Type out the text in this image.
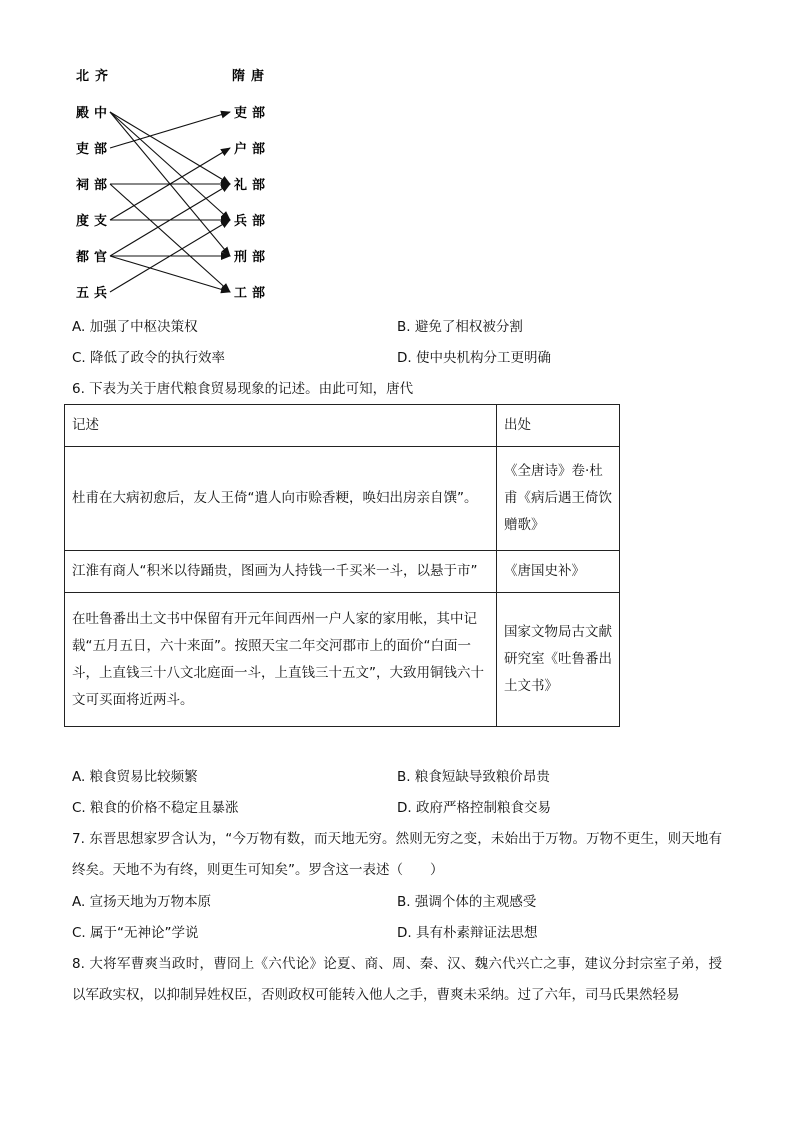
北齐	隋唐
殿中
吏部
祠部
度支
都官
五兵
吏部
户部
礼部
兵部
刑部
工部
A. 加强了中枢决策权	B. 避免了相权被分割
C. 降低了政令的执行效率	D. 使中央机构分工更明确
6. 下表为关于唐代粮食贸易现象的记述。由此可知，唐代
记述	出处
杜甫在大病初愈后，友人王倚“遣人向市赊香粳，唤妇出房亲自馔”。	《全唐诗》卷·杜甫《病后遇王倚饮赠歌》
江淮有商人“积米以待踊贵，图画为人持钱一千买米一斗，以悬于市”	《唐国史补》
在吐鲁番出土文书中保留有开元年间西州一户人家的家用帐，其中记载“五月五日，六十来面”。按照天宝二年交河郡市上的面价“白面一斗，上直钱三十八文北庭面一斗，上直钱三十五文”，大致用铜钱六十文可买面将近两斗。	国家文物局古文献研究室《吐鲁番出土文书》
A. 粮食贸易比较频繁	B. 粮食短缺导致粮价昂贵
C. 粮食的价格不稳定且暴涨	D. 政府严格控制粮食交易
7. 东晋思想家罗含认为，“今万物有数，而天地无穷。然则无穷之变，未始出于万物。万物不更生，则天地有终矣。天地不为有终，则更生可知矣”。罗含这一表述（　　）
A. 宣扬天地为万物本原	B. 强调个体的主观感受
C. 属于“无神论”学说	D. 具有朴素辩证法思想
8. 大将军曹爽当政时，曹冏上《六代论》论夏、商、周、秦、汉、魏六代兴亡之事，建议分封宗室子弟，授以军政实权，以抑制异姓权臣，否则政权可能转入他人之手，曹爽未采纳。过了六年，司马氏果然轻易
